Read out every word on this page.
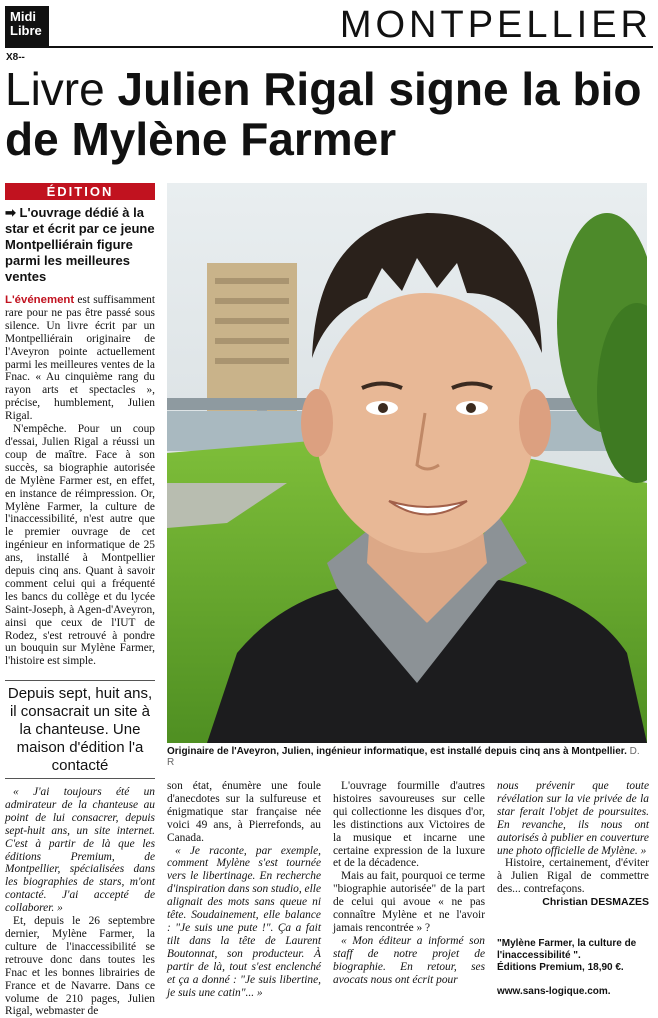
Midi
Libre	MONTPELLIER
X8--
Livre Julien Rigal signe la bio de Mylène Farmer
ÉDITION
➡ L'ouvrage dédié à la star et écrit par ce jeune Montpelliérain figure parmi les meilleures ventes
L'événement est suffisamment rare pour ne pas être passé sous silence. Un livre écrit par un Montpelliérain originaire de l'Aveyron pointe actuellement parmi les meilleures ventes de la Fnac. « Au cinquième rang du rayon arts et spectacles », précise, humblement, Julien Rigal.
N'empêche. Pour un coup d'essai, Julien Rigal a réussi un coup de maître. Face à son succès, sa biographie autorisée de Mylène Farmer est, en effet, en instance de réimpression. Or, Mylène Farmer, la culture de l'inaccessibilité, n'est autre que le premier ouvrage de cet ingénieur en informatique de 25 ans, installé à Montpellier depuis cinq ans. Quant à savoir comment celui qui a fréquenté les bancs du collège et du lycée Saint-Joseph, à Agen-d'Aveyron, ainsi que ceux de l'IUT de Rodez, s'est retrouvé à pondre un bouquin sur Mylène Farmer, l'histoire est simple.
Depuis sept, huit ans, il consacrait un site à la chanteuse. Une maison d'édition l'a contacté
Originaire de l'Aveyron, Julien, ingénieur informatique, est installé depuis cinq ans à Montpellier. D. R

« J'ai toujours été un admirateur de la chanteuse au point de lui consacrer, depuis sept-huit ans, un site internet. C'est à partir de là que les éditions Premium, de Montpellier, spécialisées dans les biographies de stars, m'ont contacté. J'ai accepté de collaborer. »

Et, depuis le 26 septembre dernier, Mylène Farmer, la culture de l'inaccessibilité se retrouve donc dans toutes les Fnac et les bonnes librairies de France et de Navarre. Dans ce volume de 210 pages, Julien Rigal, webmaster de

son état, énumère une foule d'anecdotes sur la sulfureuse et énigmatique star française née voici 49 ans, à Pierrefonds, au Canada.

« Je raconte, par exemple, comment Mylène s'est tournée vers le libertinage. En recherche d'inspiration dans son studio, elle alignait des mots sans queue ni tête. Soudainement, elle balance : "Je suis une pute !". Ça a fait tilt dans la tête de Laurent Boutonnat, son producteur. À partir de là, tout s'est enclenché et ça a donné : "Je suis libertine, je suis une catin"... »

L'ouvrage fourmille d'autres histoires savoureuses sur celle qui collectionne les disques d'or, les distinctions aux Victoires de la musique et incarne une certaine expression de la luxure et de la décadence.

Mais au fait, pourquoi ce terme "biographie autorisée" de la part de celui qui avoue « ne pas connaître Mylène et ne l'avoir jamais rencontrée » ?

« Mon éditeur a informé son staff de notre projet de biographie. En retour, ses avocats nous ont écrit pour

nous prévenir que toute révélation sur la vie privée de la star ferait l'objet de poursuites. En revanche, ils nous ont autorisés à publier en couverture une photo officielle de Mylène. »

Histoire, certainement, d'éviter à Julien Rigal de commettre des... contrefaçons.

Christian DESMAZES
"Mylène Farmer, la culture de l'inaccessibilité ".
Éditions Premium, 18,90 €.
www.sans-logique.com.
